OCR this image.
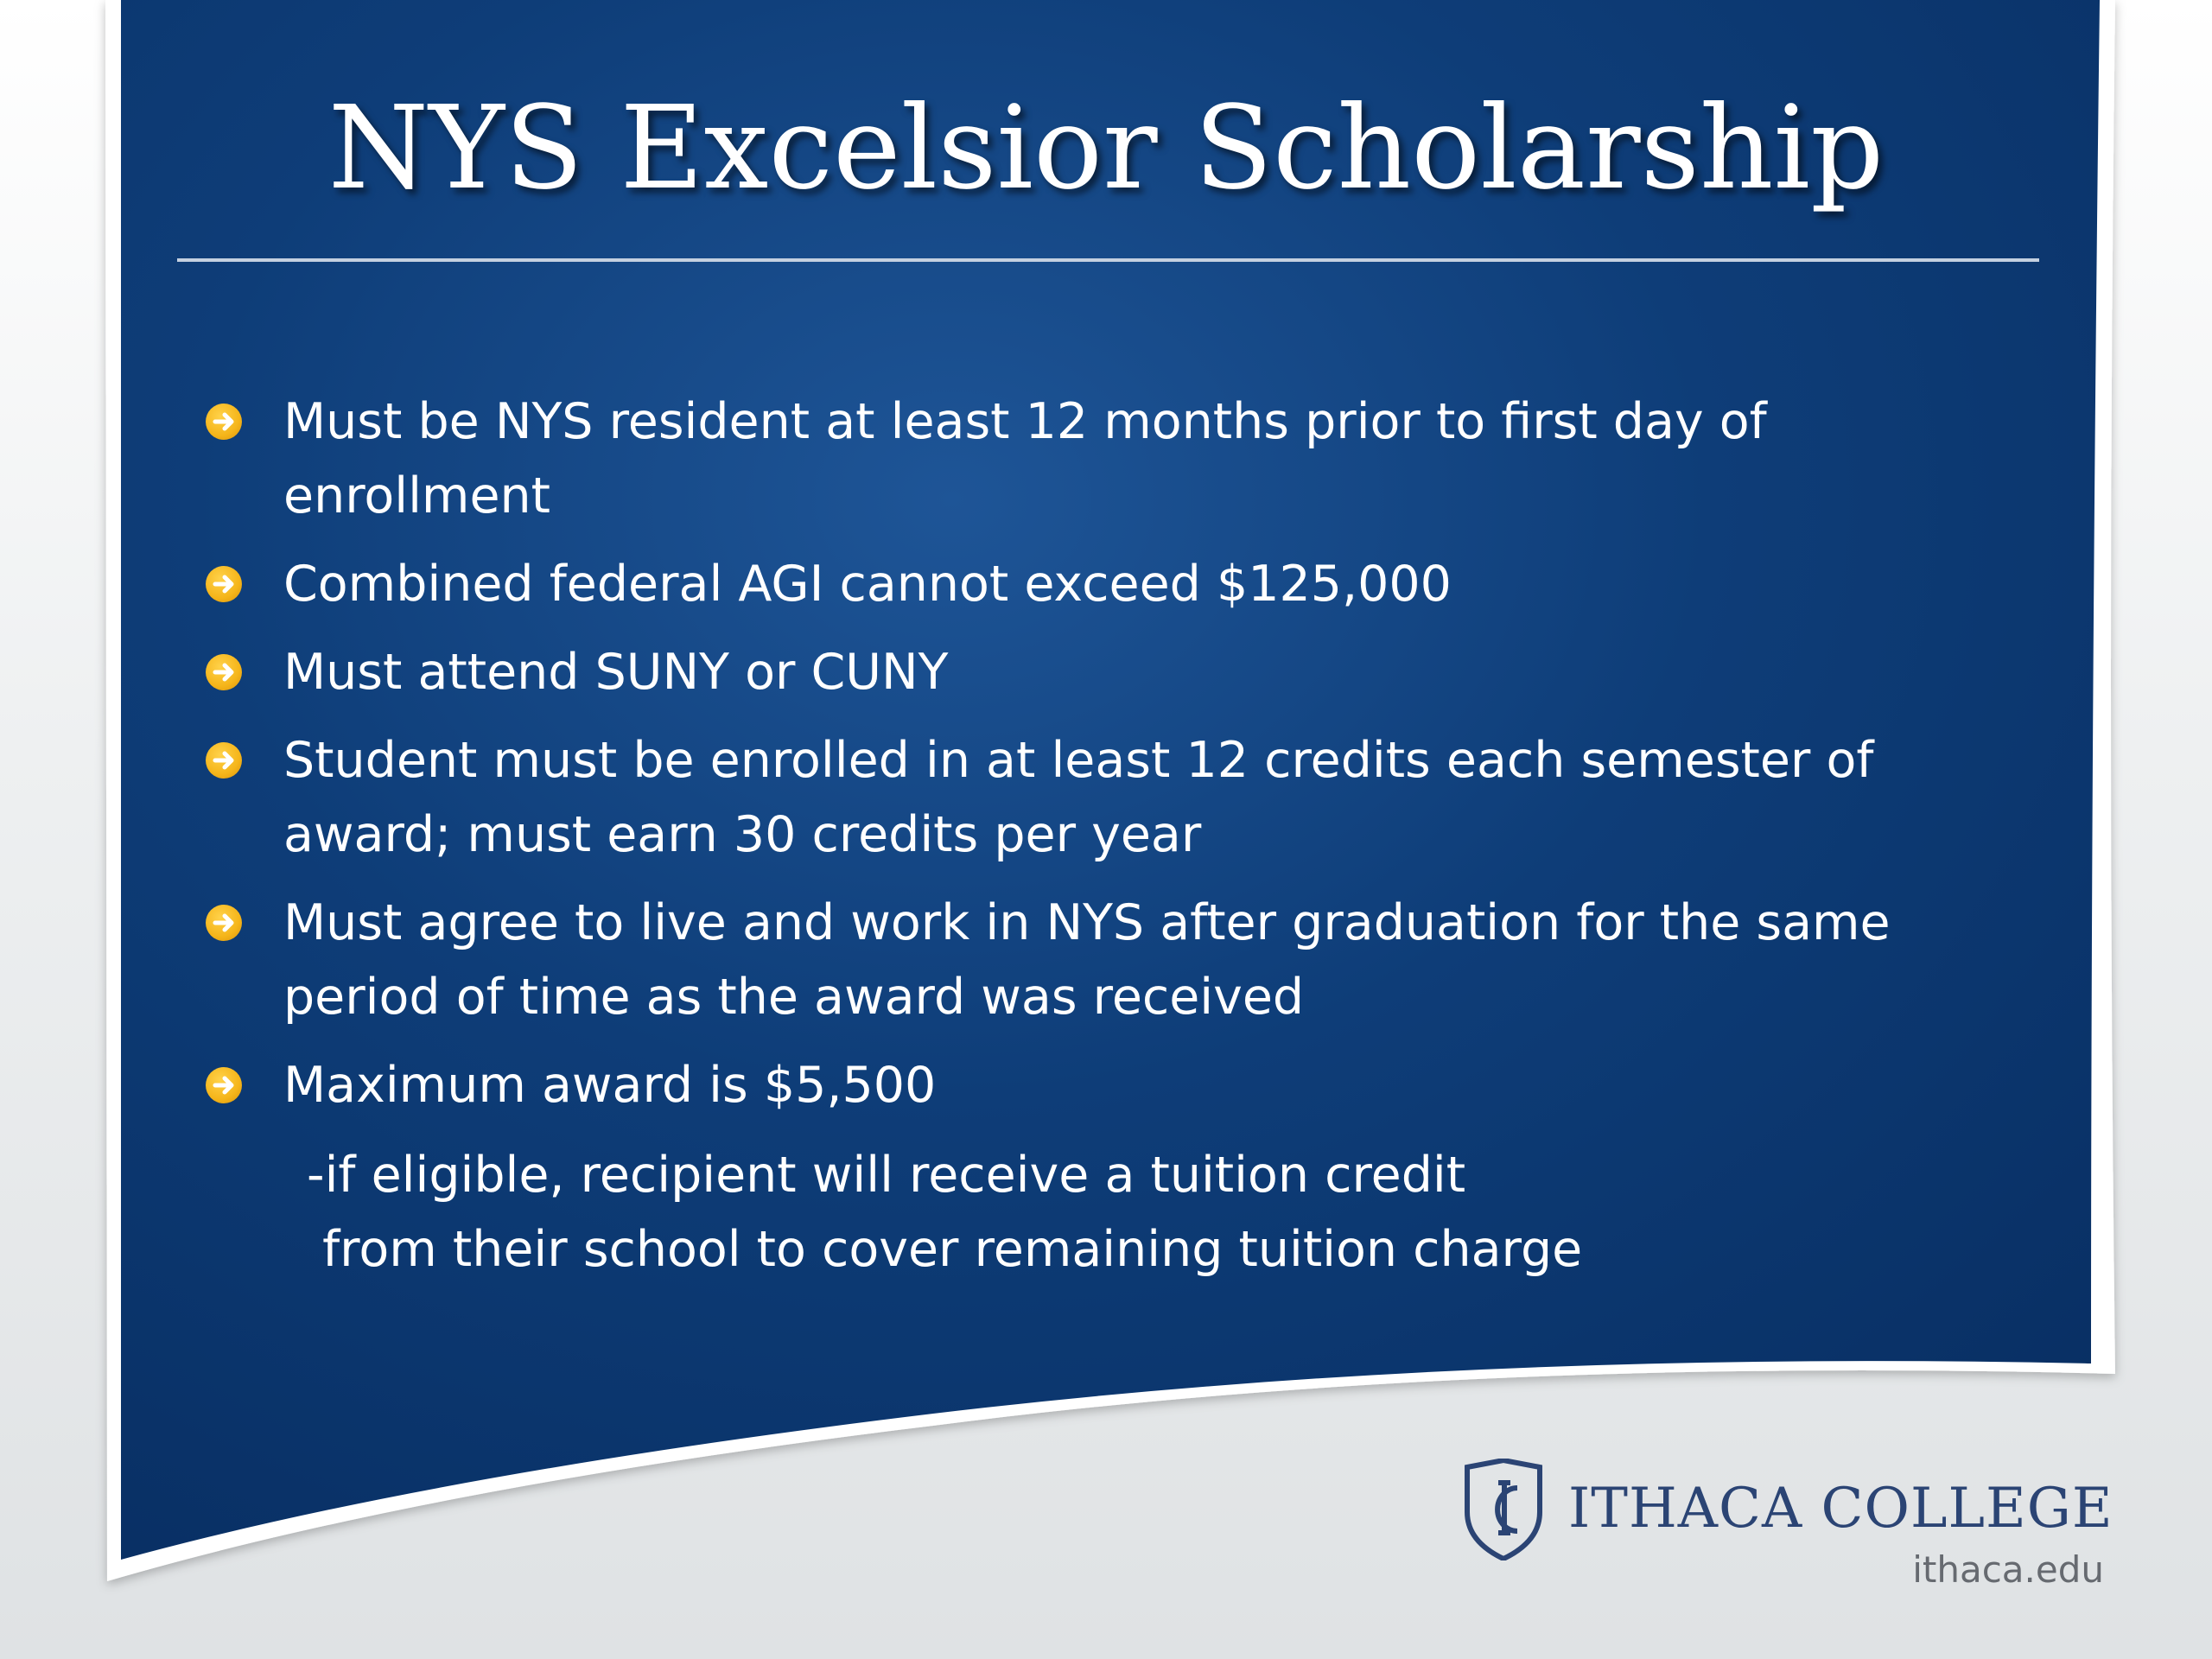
NYS Excelsior Scholarship
Must be NYS resident at least 12 months prior to first day of enrollment
Combined federal AGI cannot exceed $125,000
Must attend SUNY or CUNY
Student must be enrolled in at least 12 credits each semester of award; must earn 30 credits per year
Must agree to live and work in NYS after graduation for the same period of time as the award was received
Maximum award is $5,500

-if eligible, recipient will receive a tuition credit
from their school to cover remaining tuition charge

ITHACA COLLEGE

ithaca.edu
